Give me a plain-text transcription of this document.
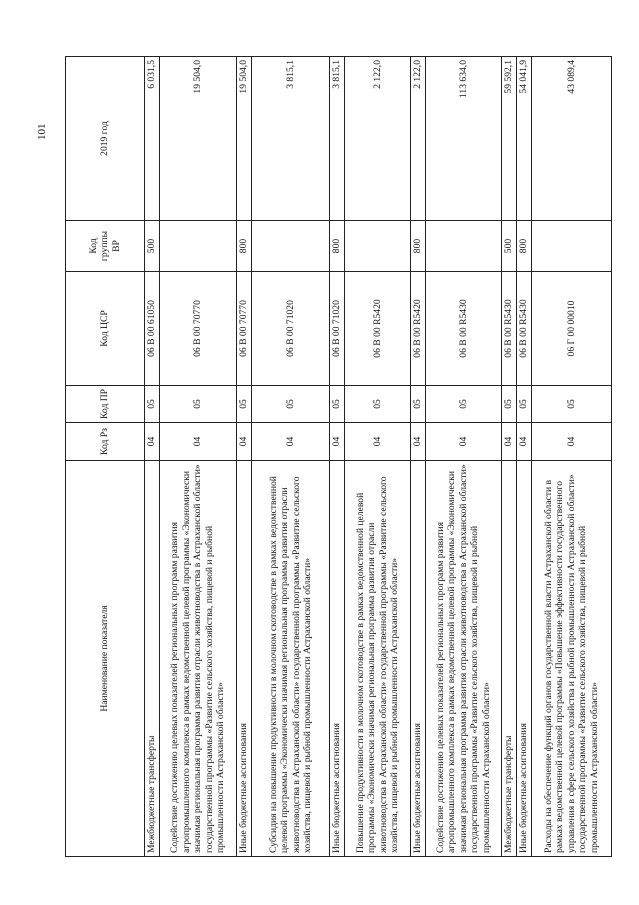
101
Наименование показателя	Код Рз	Код ПР	Код ЦСР	Код группы ВР	2019 год
Межбюджетные трансферты	04	05	06 В 00 61050	500	6 031,5
Содействие достижению целевых показателей региональных программ развития агропромышленного комплекса в рамках ведомственной целевой программы «Экономически значимая региональная программа развития отрасли животноводства в Астраханской области» государственной программы «Развитие сельского хозяйства, пищевой и рыбной промышленности Астраханской области»	04	05	06 В 00 70770		19 504,0
Иные бюджетные ассигнования	04	05	06 В 00 70770	800	19 504,0
Субсидия на повышение продуктивности в молочном скотоводстве в рамках ведомственной целевой программы «Экономически значимая региональная программа развития отрасли животноводства в Астраханской области» государственной программы «Развитие сельского хозяйства, пищевой и рыбной промышленности Астраханской области»	04	05	06 В 00 71020		3 815,1
Иные бюджетные ассигнования	04	05	06 В 00 71020	800	3 815,1
Повышение продуктивности в молочном скотоводстве в рамках ведомственной целевой программы «Экономически значимая региональная программа развития отрасли животноводства в Астраханской области» государственной программы «Развитие сельского хозяйства, пищевой и рыбной промышленности Астраханской области»	04	05	06 В 00 R5420		2 122,0
Иные бюджетные ассигнования	04	05	06 В 00 R5420	800	2 122,0
Содействие достижению целевых показателей региональных программ развития агропромышленного комплекса в рамках ведомственной целевой программы «Экономически значимая региональная программа развития отрасли животноводства в Астраханской области» государственной программы «Развитие сельского хозяйства, пищевой и рыбной промышленности Астраханской области»	04	05	06 В 00 R5430		113 634,0
Межбюджетные трансферты	04	05	06 В 00 R5430	500	59 592,1
Иные бюджетные ассигнования	04	05	06 В 00 R5430	800	54 041,9
Расходы на обеспечение функций органов государственной власти Астраханской области в рамках ведомственной целевой программы «Повышение эффективности государственного управления в сфере сельского хозяйства и рыбной промышленности Астраханской области» государственной программы «Развитие сельского хозяйства, пищевой и рыбной промышленности Астраханской области»	04	05	06 Г 00 00010		43 089,4
